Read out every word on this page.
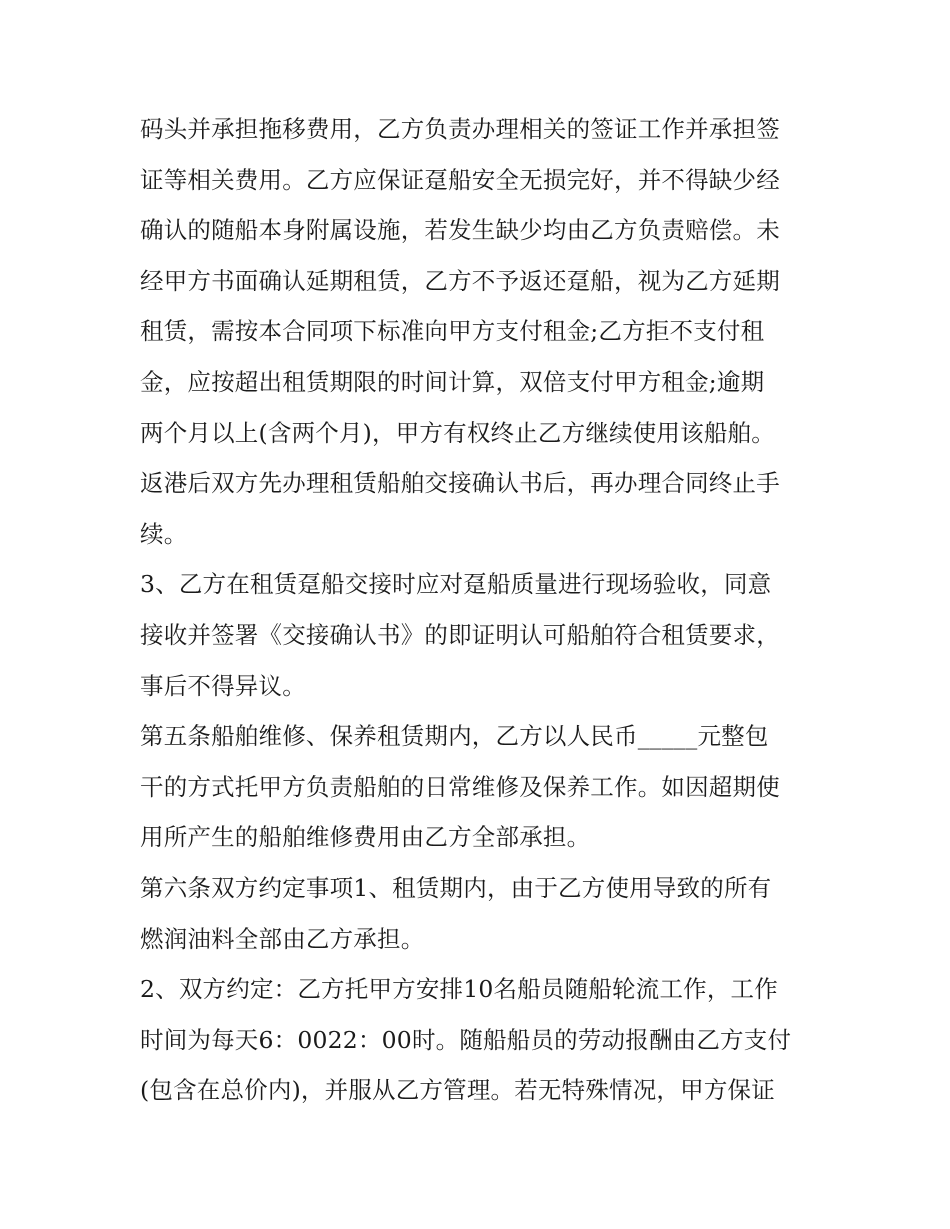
码头并承担拖移费用，乙方负责办理相关的签证工作并承担签
证等相关费用。乙方应保证趸船安全无损完好，并不得缺少经
确认的随船本身附属设施，若发生缺少均由乙方负责赔偿。未
经甲方书面确认延期租赁，乙方不予返还趸船，视为乙方延期
租赁，需按本合同项下标准向甲方支付租金;乙方拒不支付租
金，应按超出租赁期限的时间计算，双倍支付甲方租金;逾期
两个月以上(含两个月)，甲方有权终止乙方继续使用该船舶。
返港后双方先办理租赁船舶交接确认书后，再办理合同终止手
续。
3、乙方在租赁趸船交接时应对趸船质量进行现场验收，同意
接收并签署《交接确认书》的即证明认可船舶符合租赁要求，
事后不得异议。
第五条船舶维修、保养租赁期内，乙方以人民币_____元整包
干的方式托甲方负责船舶的日常维修及保养工作。如因超期使
用所产生的船舶维修费用由乙方全部承担。
第六条双方约定事项1、租赁期内，由于乙方使用导致的所有
燃润油料全部由乙方承担。
2、双方约定：乙方托甲方安排10名船员随船轮流工作，工作
时间为每天6：0022：00时。随船船员的劳动报酬由乙方支付
(包含在总价内)，并服从乙方管理。若无特殊情况，甲方保证
